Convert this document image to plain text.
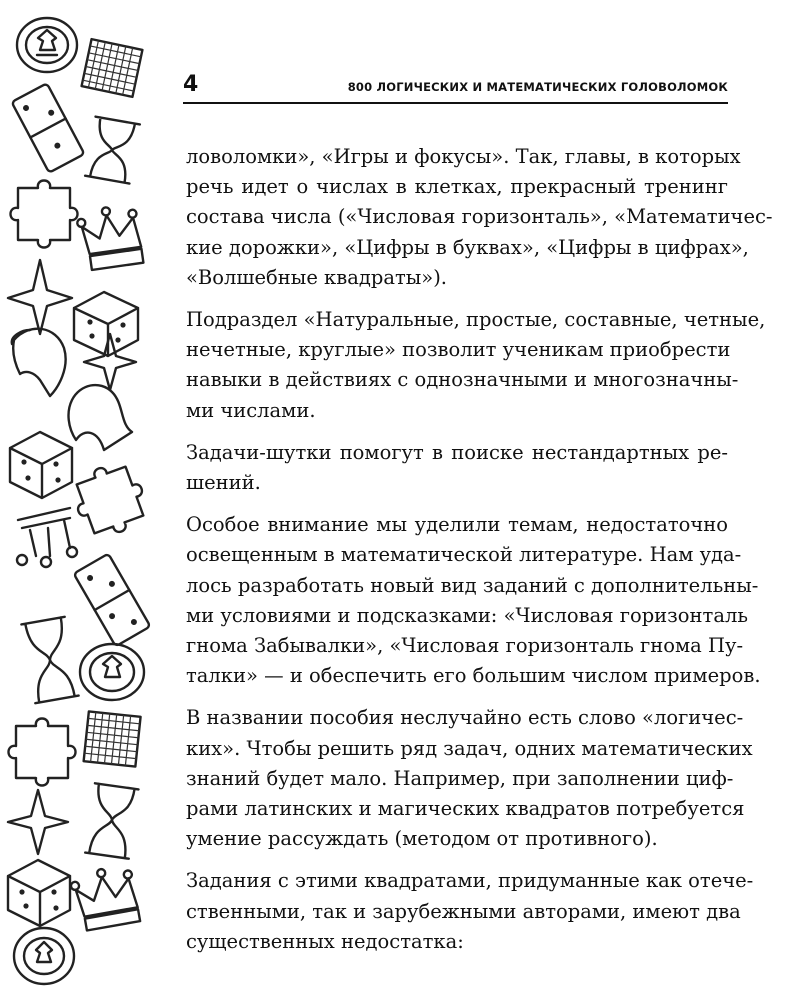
4	800 ЛОГИЧЕСКИХ И МАТЕМАТИЧЕСКИХ ГОЛОВОЛОМОК

ловоломки», «Игры и фокусы». Так, главы, в которых
речь идет о числах в клетках, прекрасный тренинг
состава числа («Числовая горизонталь», «Математичес-
кие дорожки», «Цифры в буквах», «Цифры в цифрах»,
«Волшебные квадраты»).

Подраздел «Натуральные, простые, составные, четные,
нечетные, круглые» позволит ученикам приобрести
навыки в действиях с однозначными и многозначны-
ми числами.

Задачи-шутки помогут в поиске нестандартных ре-
шений.

Особое внимание мы уделили темам, недостаточно
освещенным в математической литературе. Нам уда-
лось разработать новый вид заданий с дополнительны-
ми условиями и подсказками: «Числовая горизонталь
гнома Забывалки», «Числовая горизонталь гнома Пу-
талки» — и обеспечить его большим числом примеров.

В названии пособия неслучайно есть слово «логичес-
ких». Чтобы решить ряд задач, одних математических
знаний будет мало. Например, при заполнении циф-
рами латинских и магических квадратов потребуется
умение рассуждать (методом от противного).

Задания с этими квадратами, придуманные как отече-
ственными, так и зарубежными авторами, имеют два
существенных недостатка:
